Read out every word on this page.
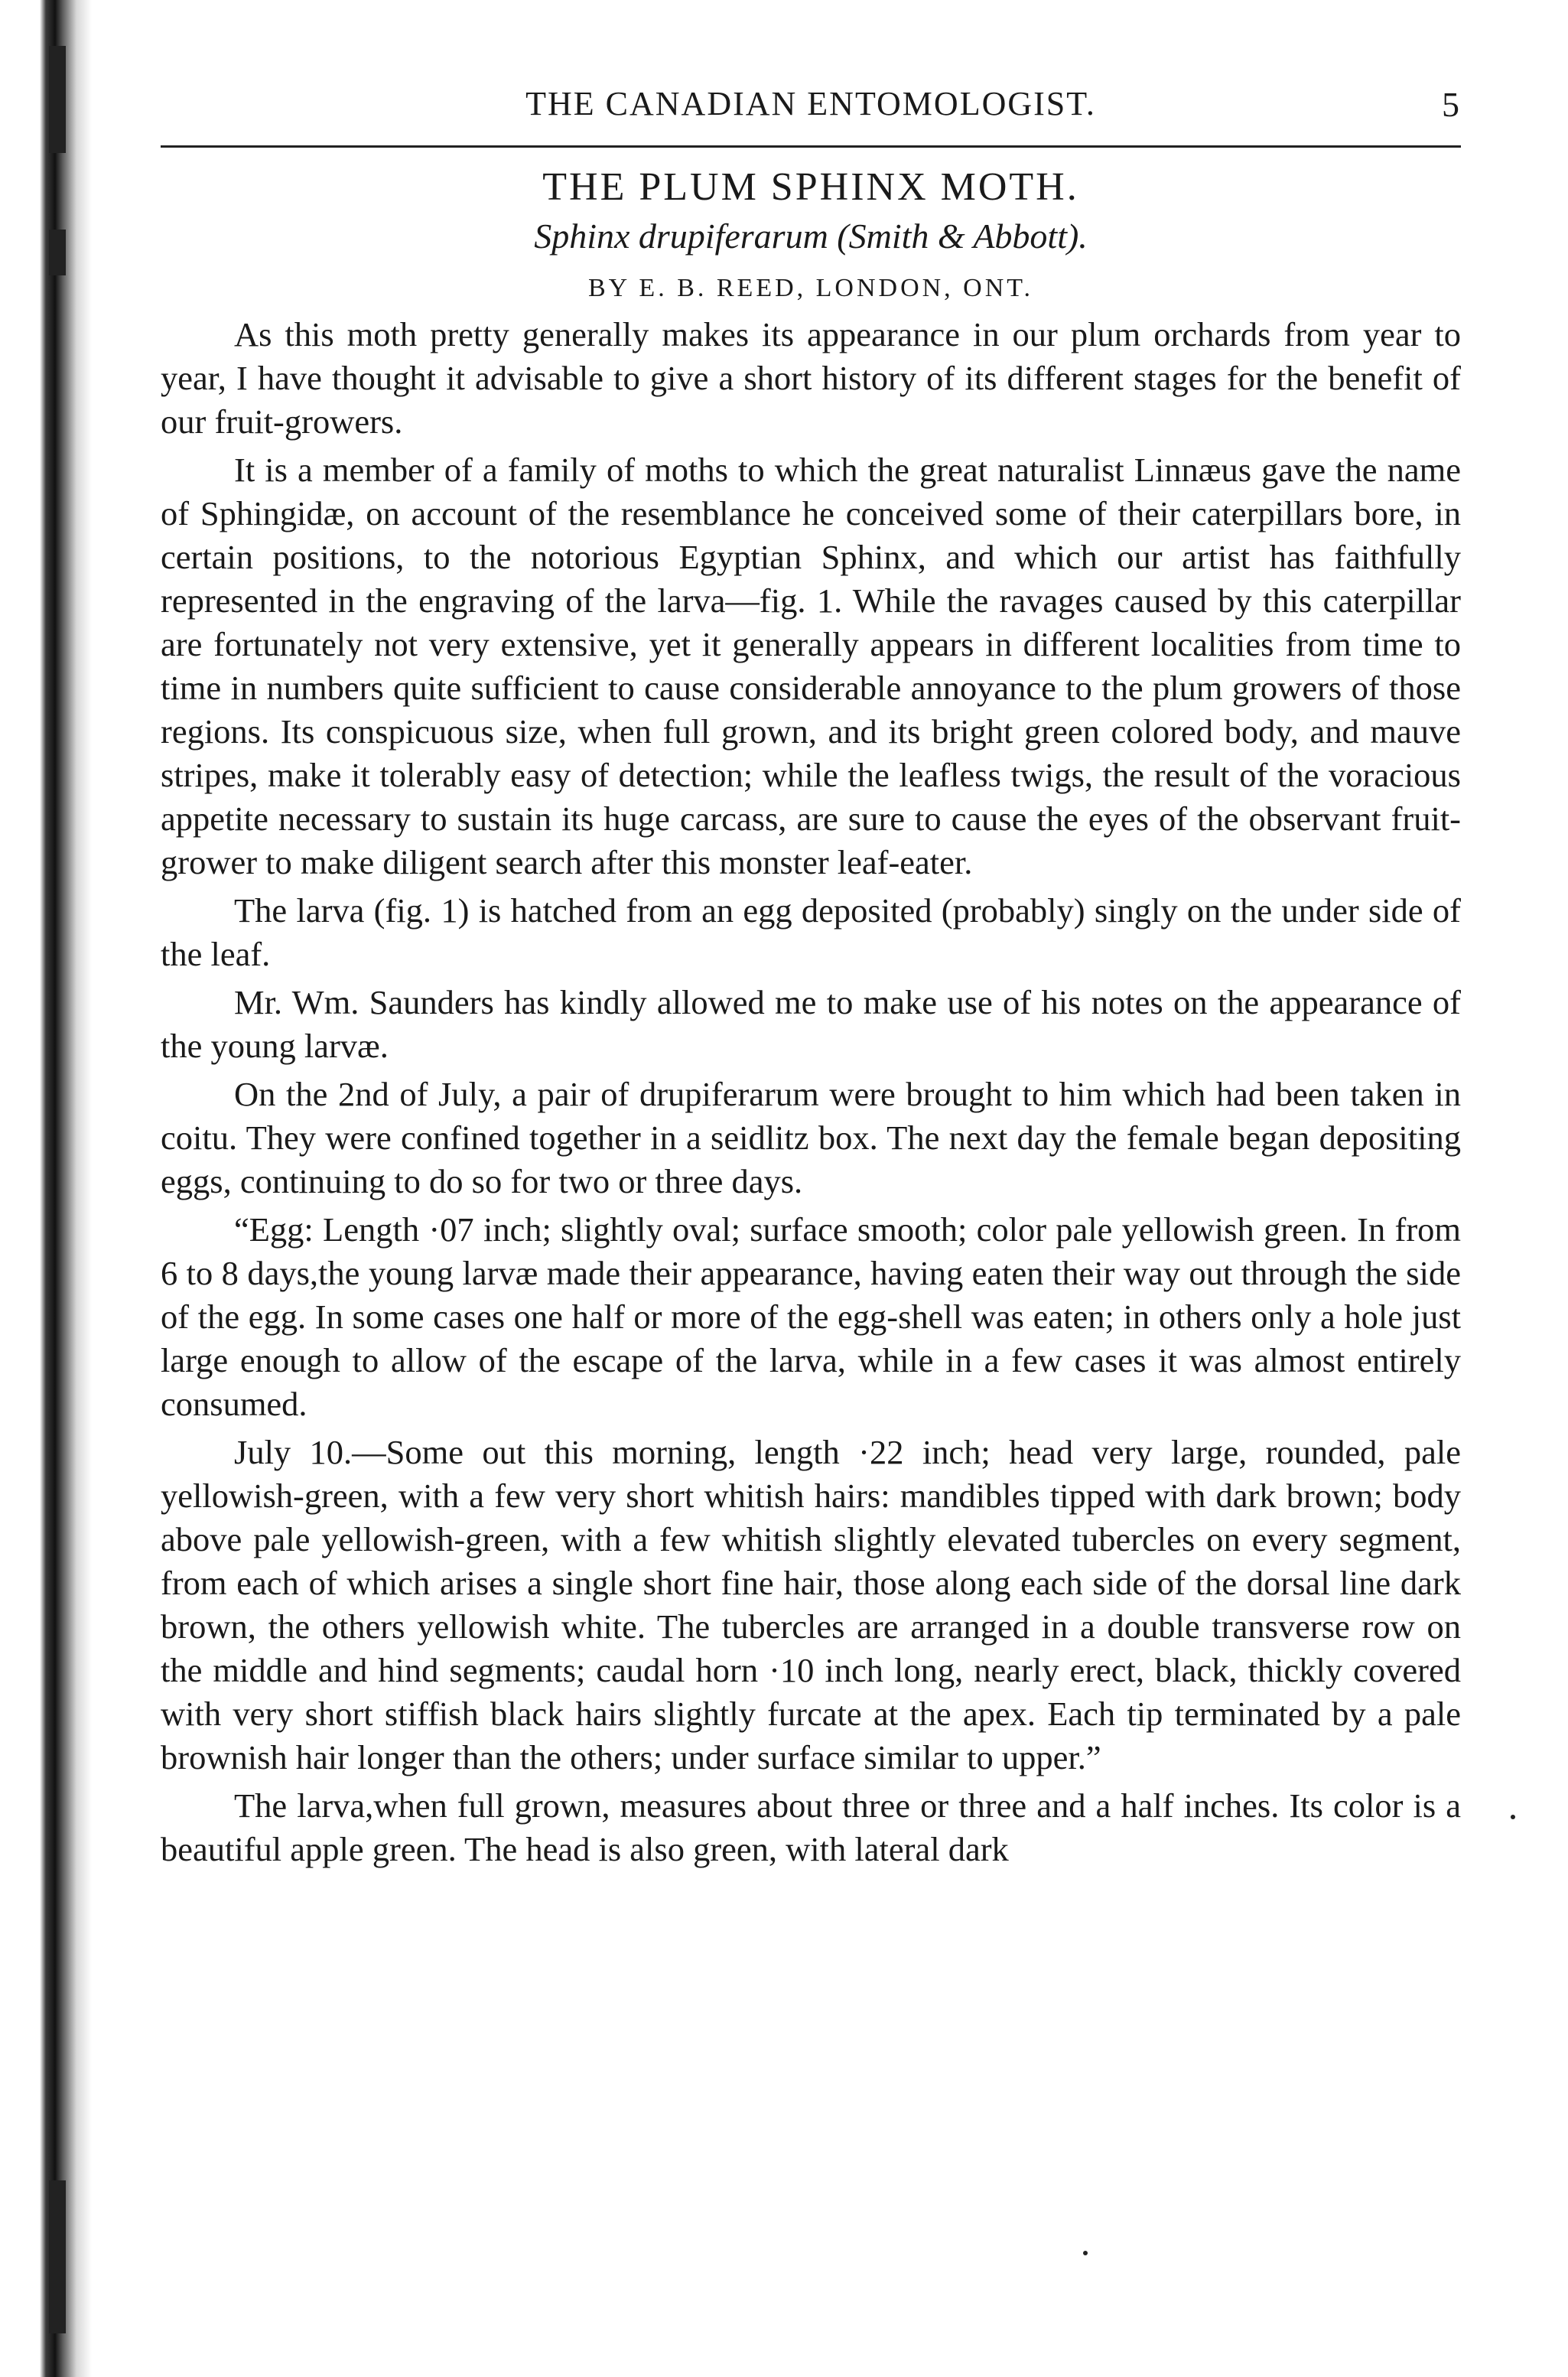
THE CANADIAN ENTOMOLOGIST.	5
THE PLUM SPHINX MOTH.
Sphinx drupiferarum (Smith & Abbott).
BY E. B. REED, LONDON, ONT.

As this moth pretty generally makes its appearance in our plum orchards from year to year, I have thought it advisable to give a short history of its different stages for the benefit of our fruit-growers.

It is a member of a family of moths to which the great naturalist Linnæus gave the name of Sphingidæ, on account of the resemblance he conceived some of their caterpillars bore, in certain positions, to the notorious Egyptian Sphinx, and which our artist has faithfully represented in the engraving of the larva—fig. 1. While the ravages caused by this caterpillar are fortunately not very extensive, yet it generally appears in different localities from time to time in numbers quite sufficient to cause considerable annoyance to the plum growers of those regions. Its conspicuous size, when full grown, and its bright green colored body, and mauve stripes, make it tolerably easy of detection; while the leafless twigs, the result of the voracious appetite necessary to sustain its huge carcass, are sure to cause the eyes of the observant fruit-grower to make diligent search after this monster leaf-eater.

The larva (fig. 1) is hatched from an egg deposited (probably) singly on the under side of the leaf.

Mr. Wm. Saunders has kindly allowed me to make use of his notes on the appearance of the young larvæ.

On the 2nd of July, a pair of drupiferarum were brought to him which had been taken in coitu. They were confined together in a seidlitz box. The next day the female began depositing eggs, continuing to do so for two or three days.

“Egg: Length ·07 inch; slightly oval; surface smooth; color pale yellowish green. In from 6 to 8 days,the young larvæ made their appearance, having eaten their way out through the side of the egg. In some cases one half or more of the egg-shell was eaten; in others only a hole just large enough to allow of the escape of the larva, while in a few cases it was almost entirely consumed.

July 10.—Some out this morning, length ·22 inch; head very large, rounded, pale yellowish-green, with a few very short whitish hairs: mandibles tipped with dark brown; body above pale yellowish-green, with a few whitish slightly elevated tubercles on every segment, from each of which arises a single short fine hair, those along each side of the dorsal line dark brown, the others yellowish white. The tubercles are arranged in a double transverse row on the middle and hind segments; caudal horn ·10 inch long, nearly erect, black, thickly covered with very short stiffish black hairs slightly furcate at the apex. Each tip terminated by a pale brownish hair longer than the others; under surface similar to upper.”

The larva,when full grown, measures about three or three and a half inches. Its color is a beautiful apple green. The head is also green, with lateral dark
